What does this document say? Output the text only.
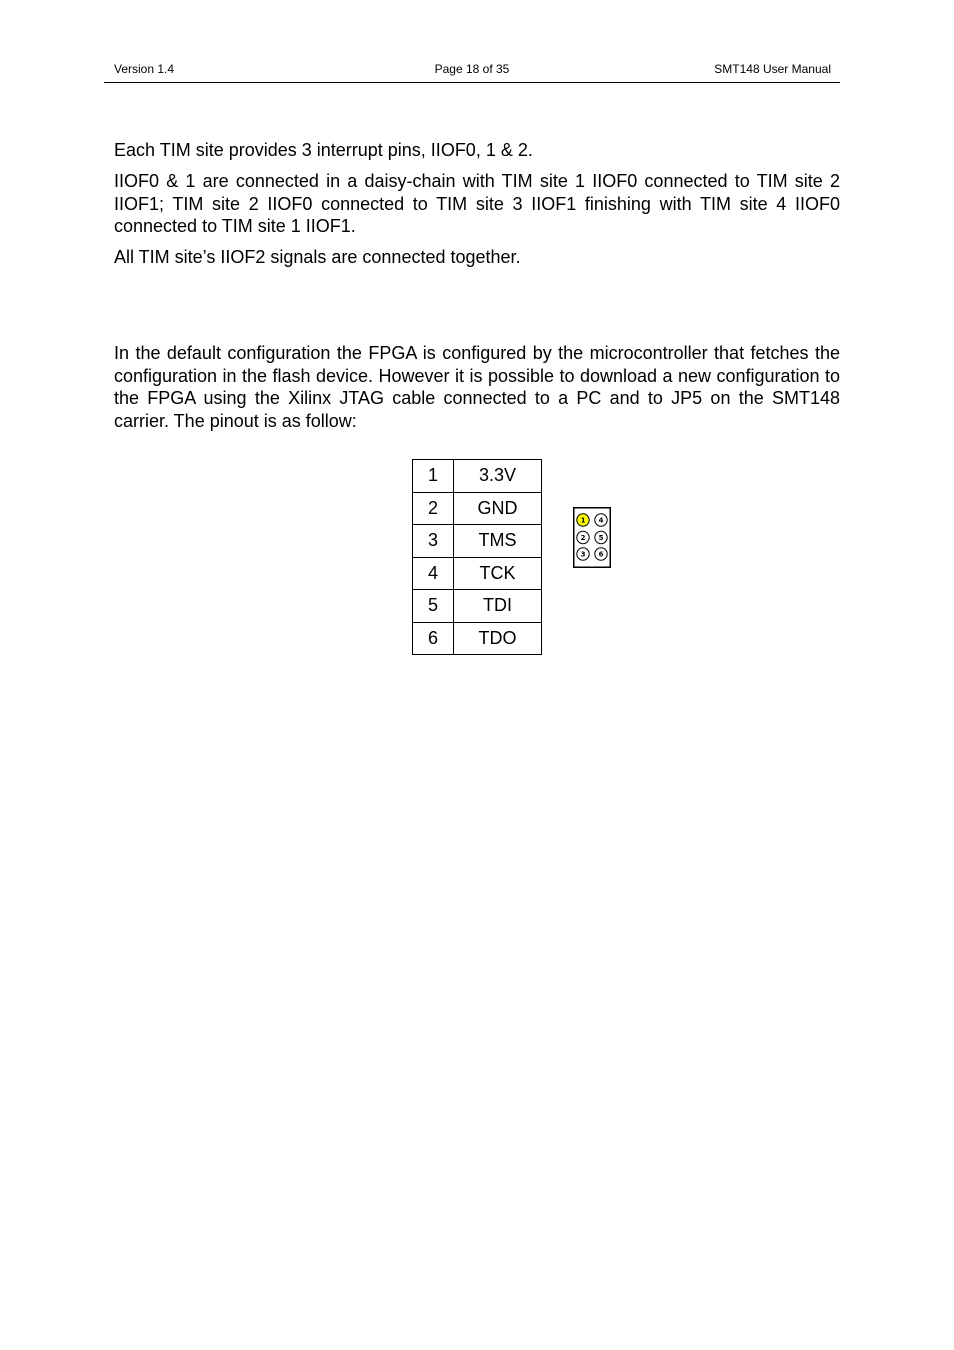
Version 1.4	Page 18 of 35	SMT148 User Manual

Each TIM site provides 3 interrupt pins, IIOF0, 1 & 2.

IIOF0 & 1 are connected in a daisy-chain with TIM site 1 IIOF0 connected to TIM site 2 IIOF1; TIM site 2 IIOF0 connected to TIM site 3 IIOF1 finishing with TIM site 4 IIOF0 connected to TIM site 1 IIOF1.

All TIM site’s IIOF2 signals are connected together.

In the default configuration the FPGA is configured by the microcontroller that fetches the configuration in the flash device. However it is possible to download a new configuration to the FPGA using the Xilinx JTAG cable connected to a PC and to JP5 on the SMT148 carrier. The pinout is as follow:

1	3.3V
2	GND
3	TMS
4	TCK
5	TDI
6	TDO
1
2
3
4
5
6
